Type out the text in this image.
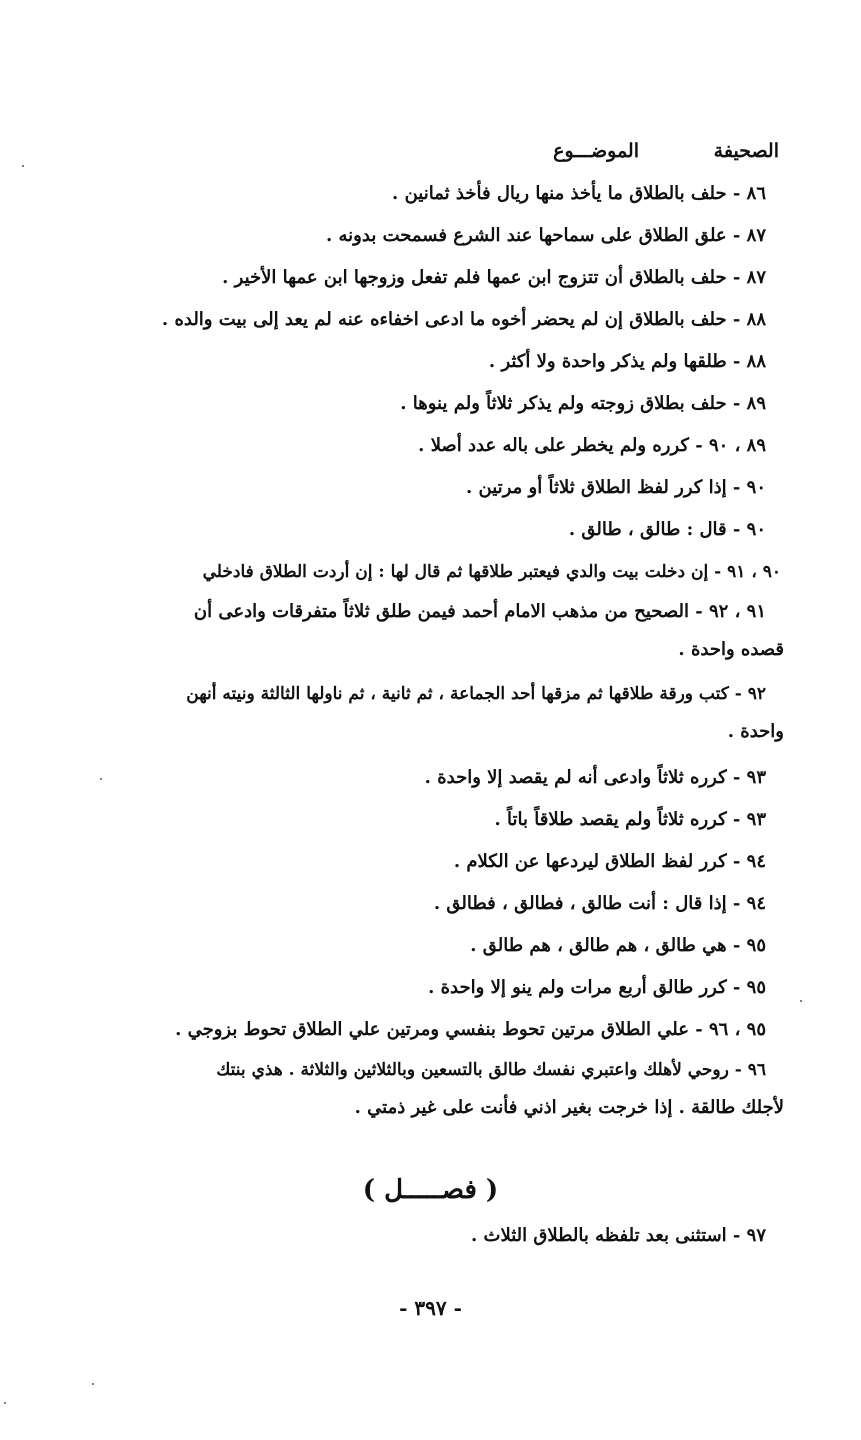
الصحيفة
الموضـــوع
٨٦ - حلف بالطلاق ما يأخذ منها ريال فأخذ ثمانين .
٨٧ - علق الطلاق على سماحها عند الشرع فسمحت بدونه .
٨٧ - حلف بالطلاق أن تتزوج ابن عمها فلم تفعل وزوجها ابن عمها الأخير .
٨٨ - حلف بالطلاق إن لم يحضر أخوه ما ادعى اخفاءه عنه لم يعد إلى بيت والده .
٨٨ - طلقها ولم يذكر واحدة ولا أكثر .
٨٩ - حلف بطلاق زوجته ولم يذكر ثلاثاً ولم ينوها .
٨٩ ، ٩٠ - كرره ولم يخطر على باله عدد أصلا .
٩٠ - إذا كرر لفظ الطلاق ثلاثاً أو مرتين .
٩٠ - قال : طالق ، طالق .
٩٠ ، ٩١ - إن دخلت بيت والدي فيعتبر طلاقها ثم قال لها : إن أردت الطلاق فادخلي
٩١ ، ٩٢ - الصحيح من مذهب الامام أحمد فيمن طلق ثلاثاً متفرقات وادعى أن
قصده واحدة .
٩٢ - كتب ورقة طلاقها ثم مزقها أحد الجماعة ، ثم ثانية ، ثم ناولها الثالثة ونيته أنهن
واحدة .
٩٣ - كرره ثلاثاً وادعى أنه لم يقصد إلا واحدة .
٩٣ - كرره ثلاثاً ولم يقصد طلاقاً باتاً .
٩٤ - كرر لفظ الطلاق ليردعها عن الكلام .
٩٤ - إذا قال : أنت طالق ، فطالق ، فطالق .
٩٥ - هي طالق ، هم طالق ، هم طالق .
٩٥ - كرر طالق أربع مرات ولم ينو إلا واحدة .
٩٥ ، ٩٦ - علي الطلاق مرتين تحوط بنفسي ومرتين علي الطلاق تحوط بزوجي .
٩٦ - روحي لأهلك واعتبري نفسك طالق بالتسعين وبالثلاثين والثلاثة . هذي بنتك
لأجلك طالقة . إذا خرجت بغير اذني فأنت على غير ذمتي .
( فصـــــل )
٩٧ - استثنى بعد تلفظه بالطلاق الثلاث .
- ٣٩٧ -
